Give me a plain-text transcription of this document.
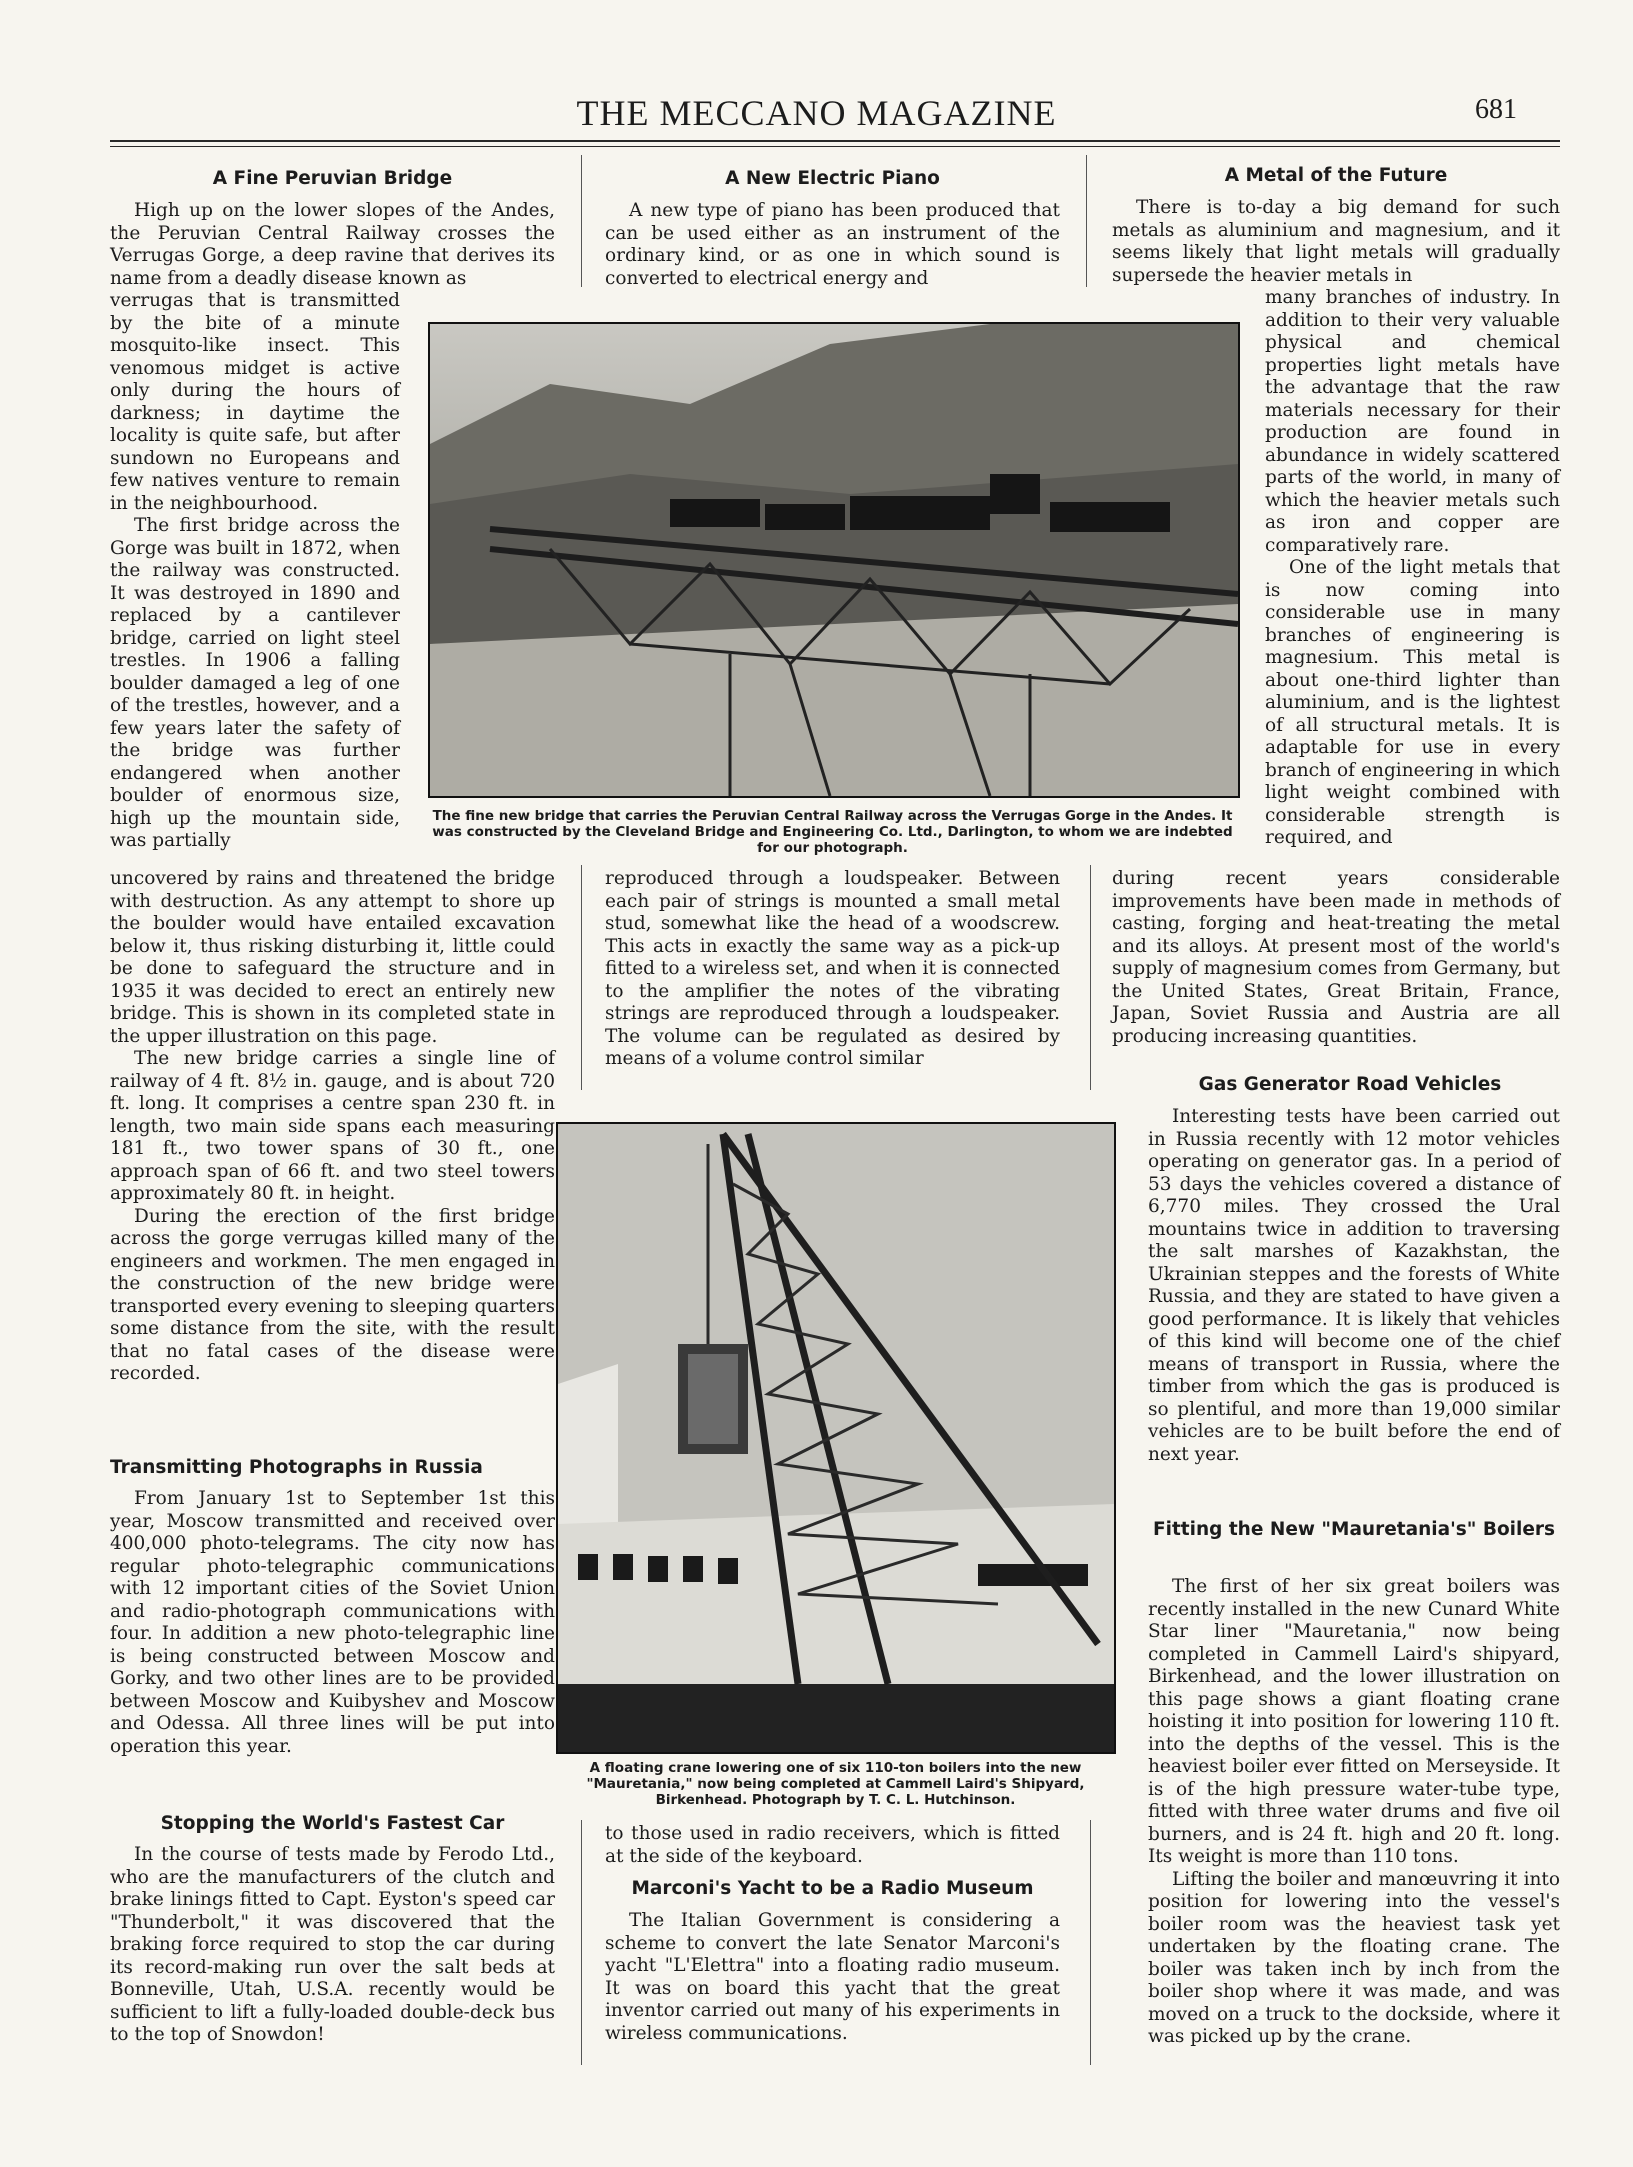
THE MECCANO MAGAZINE	681
A Fine Peruvian Bridge

High up on the lower slopes of the Andes, the Peruvian Central Railway crosses the Verrugas Gorge, a deep ravine that derives its name from a deadly disease known as

verrugas that is transmitted by the bite of a minute mosquito-like insect. This venomous midget is active only during the hours of darkness; in daytime the locality is quite safe, but after sundown no Europeans and few natives venture to remain in the neighbourhood.

The first bridge across the Gorge was built in 1872, when the railway was constructed. It was destroyed in 1890 and replaced by a cantilever bridge, carried on light steel trestles. In 1906 a falling boulder damaged a leg of one of the trestles, however, and a few years later the safety of the bridge was further endangered when another boulder of enormous size, high up the mountain side, was partially

uncovered by rains and threatened the bridge with destruction. As any attempt to shore up the boulder would have entailed excavation below it, thus risking disturbing it, little could be done to safeguard the structure and in 1935 it was decided to erect an entirely new bridge. This is shown in its completed state in the upper illustration on this page.

The new bridge carries a single line of railway of 4 ft. 8½ in. gauge, and is about 720 ft. long. It comprises a centre span 230 ft. in length, two main side spans each measuring 181 ft., two tower spans of 30 ft., one approach span of 66 ft. and two steel towers approximately 80 ft. in height.

During the erection of the first bridge across the gorge verrugas killed many of the engineers and workmen. The men engaged in the construction of the new bridge were transported every evening to sleeping quarters some distance from the site, with the result that no fatal cases of the disease were recorded.

Transmitting Photographs in Russia

From January 1st to September 1st this year, Moscow transmitted and received over 400,000 photo-telegrams. The city now has regular photo-telegraphic communications with 12 important cities of the Soviet Union and radio-photograph communications with four. In addition a new photo-telegraphic line is being constructed between Moscow and Gorky, and two other lines are to be provided between Moscow and Kuibyshev and Moscow and Odessa. All three lines will be put into operation this year.

Stopping the World's Fastest Car

In the course of tests made by Ferodo Ltd., who are the manufacturers of the clutch and brake linings fitted to Capt. Eyston's speed car "Thunderbolt," it was discovered that the braking force required to stop the car during its record-making run over the salt beds at Bonneville, Utah, U.S.A. recently would be sufficient to lift a fully-loaded double-deck bus to the top of Snowdon!

A New Electric Piano

A new type of piano has been produced that can be used either as an instrument of the ordinary kind, or as one in which sound is converted to electrical energy and

reproduced through a loudspeaker. Between each pair of strings is mounted a small metal stud, somewhat like the head of a woodscrew. This acts in exactly the same way as a pick-up fitted to a wireless set, and when it is connected to the amplifier the notes of the vibrating strings are reproduced through a loudspeaker. The volume can be regulated as desired by means of a volume control similar

to those used in radio receivers, which is fitted at the side of the keyboard.

Marconi's Yacht to be a Radio Museum

The Italian Government is considering a scheme to convert the late Senator Marconi's yacht "L'Elettra" into a floating radio museum. It was on board this yacht that the great inventor carried out many of his experiments in wireless communications.

A Metal of the Future

There is to-day a big demand for such metals as aluminium and magnesium, and it seems likely that light metals will gradually supersede the heavier metals in

many branches of industry. In addition to their very valuable physical and chemical properties light metals have the advantage that the raw materials necessary for their production are found in abundance in widely scattered parts of the world, in many of which the heavier metals such as iron and copper are comparatively rare.

One of the light metals that is now coming into considerable use in many branches of engineering is magnesium. This metal is about one-third lighter than aluminium, and is the lightest of all structural metals. It is adaptable for use in every branch of engineering in which light weight combined with considerable strength is required, and

during recent years considerable improvements have been made in methods of casting, forging and heat-treating the metal and its alloys. At present most of the world's supply of magnesium comes from Germany, but the United States, Great Britain, France, Japan, Soviet Russia and Austria are all producing increasing quantities.

Gas Generator Road Vehicles

Interesting tests have been carried out in Russia recently with 12 motor vehicles operating on generator gas. In a period of 53 days the vehicles covered a distance of 6,770 miles. They crossed the Ural mountains twice in addition to traversing the salt marshes of Kazakhstan, the Ukrainian steppes and the forests of White Russia, and they are stated to have given a good performance. It is likely that vehicles of this kind will become one of the chief means of transport in Russia, where the timber from which the gas is produced is so plentiful, and more than 19,000 similar vehicles are to be built before the end of next year.

Fitting the New "Mauretania's" Boilers

The first of her six great boilers was recently installed in the new Cunard White Star liner "Mauretania," now being completed in Cammell Laird's shipyard, Birkenhead, and the lower illustration on this page shows a giant floating crane hoisting it into position for lowering 110 ft. into the depths of the vessel. This is the heaviest boiler ever fitted on Merseyside. It is of the high pressure water-tube type, fitted with three water drums and five oil burners, and is 24 ft. high and 20 ft. long. Its weight is more than 110 tons.

Lifting the boiler and manœuvring it into position for lowering into the vessel's boiler room was the heaviest task yet undertaken by the floating crane. The boiler was taken inch by inch from the boiler shop where it was made, and was moved on a truck to the dockside, where it was picked up by the crane.

The fine new bridge that carries the Peruvian Central Railway across the Verrugas Gorge in the Andes. It was constructed by the Cleveland Bridge and Engineering Co. Ltd., Darlington, to whom we are indebted for our photograph.
A floating crane lowering one of six 110-ton boilers into the new "Mauretania," now being completed at Cammell Laird's Shipyard, Birkenhead. Photograph by T. C. L. Hutchinson.
